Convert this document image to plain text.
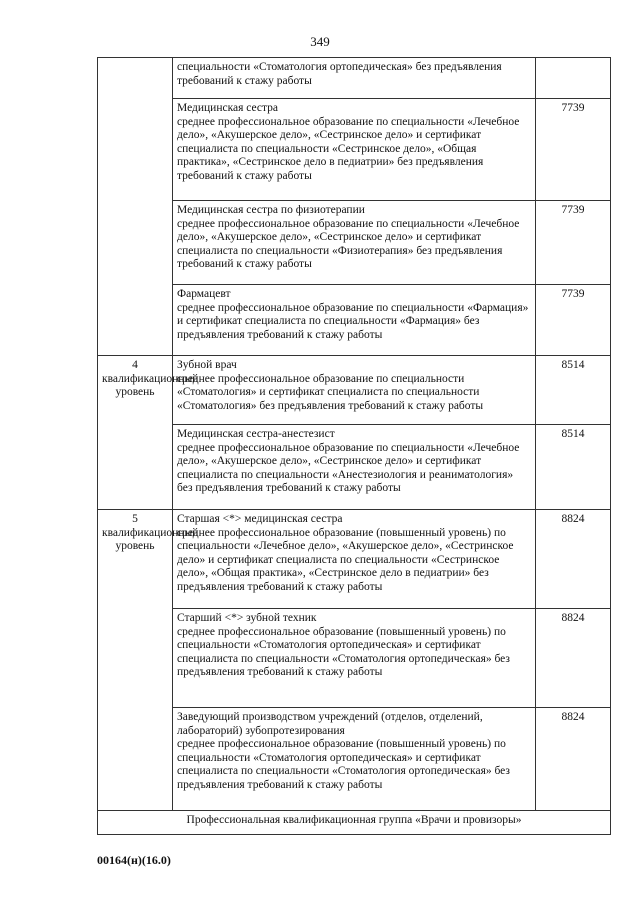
349

	специальности «Стоматология ортопедическая» без предъявления требований к стажу работы	

	Медицинская сестра
среднее профессиональное образование по специальности «Лечебное дело», «Акушерское дело», «Сестринское дело» и сертификат специалиста по специальности «Сестринское дело», «Общая практика», «Сестринское дело в педиатрии» без предъявления требований к стажу работы	7739

	Медицинская сестра по физиотерапии
среднее профессиональное образование по специальности «Лечебное дело», «Акушерское дело», «Сестринское дело» и сертификат специалиста по специальности «Физиотерапия» без предъявления требований к стажу работы	7739

	Фармацевт
среднее профессиональное образование по специальности «Фармация» и сертификат специалиста по специальности «Фармация» без предъявления требований к стажу работы	7739
4 квалификационный уровень	Зубной врач
среднее профессиональное образование по специальности «Стоматология» и сертификат специалиста по специальности «Стоматология» без предъявления требований к стажу работы	8514

	Медицинская сестра-анестезист
среднее профессиональное образование по специальности «Лечебное дело», «Акушерское дело», «Сестринское дело» и сертификат специалиста по специальности «Анестезиология и реаниматология» без предъявления требований к стажу работы	8514
5 квалификационный уровень	Старшая <*> медицинская сестра
среднее профессиональное образование (повышенный уровень) по специальности «Лечебное дело», «Акушерское дело», «Сестринское дело» и сертификат специалиста по специальности «Сестринское дело», «Общая практика», «Сестринское дело в педиатрии» без предъявления требований к стажу работы	8824

	Старший <*> зубной техник
среднее профессиональное образование (повышенный уровень) по специальности «Стоматология ортопедическая» и сертификат специалиста по специальности «Стоматология ортопедическая» без предъявления требований к стажу работы	8824

	Заведующий производством учреждений (отделов, отделений, лабораторий) зубопротезирования
среднее профессиональное образование (повышенный уровень) по специальности «Стоматология ортопедическая» и сертификат специалиста по специальности «Стоматология ортопедическая» без предъявления требований к стажу работы	8824
Профессиональная квалификационная группа «Врачи и провизоры»		
00164(н)(16.0)
